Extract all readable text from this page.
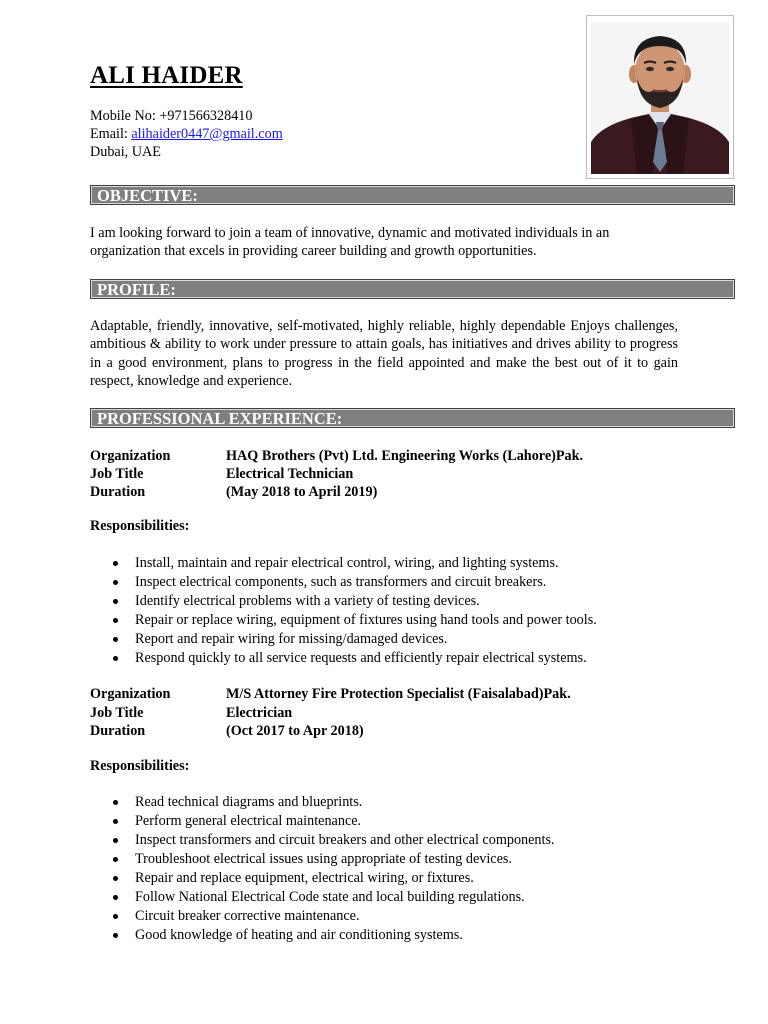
ALI HAIDER
Mobile No: +971566328410
Email: alihaider0447@gmail.com
Dubai, UAE
OBJECTIVE:
I am looking forward to join a team of innovative, dynamic and motivated individuals in an organization that excels in providing career building and growth opportunities.
PROFILE:
Adaptable, friendly, innovative, self-motivated, highly reliable, highly dependable Enjoys challenges, ambitious & ability to work under pressure to attain goals, has initiatives and drives ability to progress in a good environment, plans to progress in the field appointed and make the best out of it to gain respect, knowledge and experience.
PROFESSIONAL EXPERIENCE:
Organization	HAQ Brothers (Pvt) Ltd. Engineering Works (Lahore)Pak.
Job Title	Electrical Technician
Duration	(May 2018 to April 2019)
Responsibilities:
Install, maintain and repair electrical control, wiring, and lighting systems.
Inspect electrical components, such as transformers and circuit breakers.
Identify electrical problems with a variety of testing devices.
Repair or replace wiring, equipment of fixtures using hand tools and power tools.
Report and repair wiring for missing/damaged devices.
Respond quickly to all service requests and efficiently repair electrical systems.
Organization	M/S Attorney Fire Protection Specialist (Faisalabad)Pak.
Job Title	Electrician
Duration	(Oct 2017 to Apr 2018)
Responsibilities:
Read technical diagrams and blueprints.
Perform general electrical maintenance.
Inspect transformers and circuit breakers and other electrical components.
Troubleshoot electrical issues using appropriate of testing devices.
Repair and replace equipment, electrical wiring, or fixtures.
Follow National Electrical Code state and local building regulations.
Circuit breaker corrective maintenance.
Good knowledge of heating and air conditioning systems.
